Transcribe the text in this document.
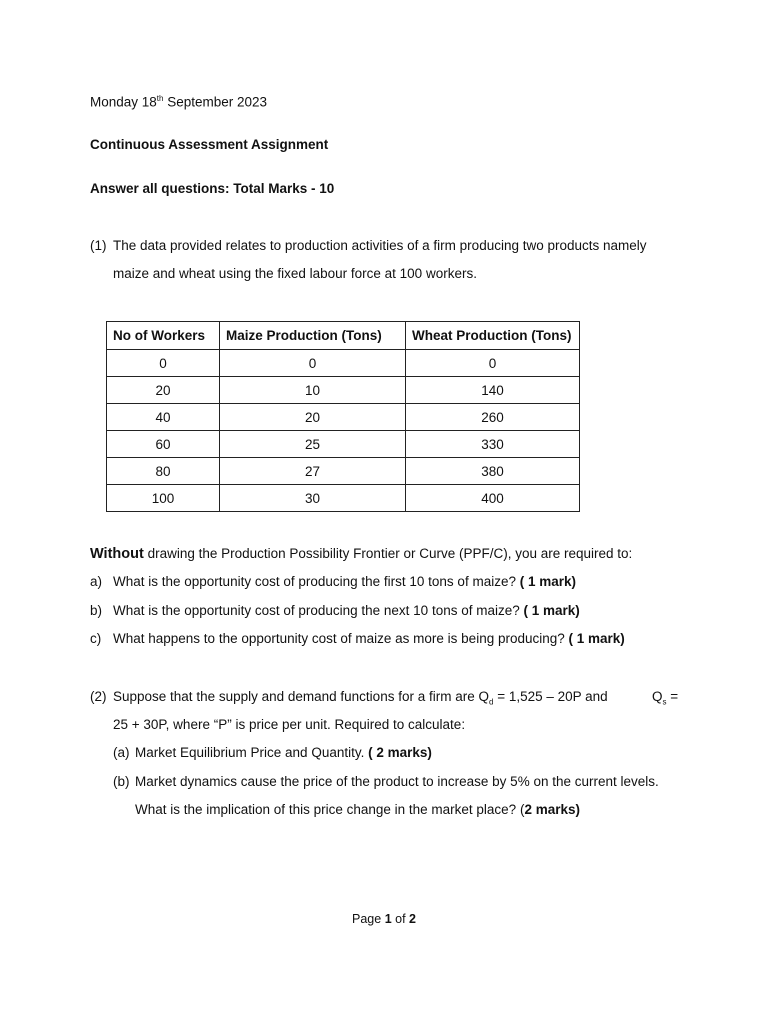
Monday 18th September 2023
Continuous Assessment Assignment
Answer all questions: Total Marks - 10
(1) The data provided relates to production activities of a firm producing two products namely
maize and wheat using the fixed labour force at 100 workers.
No of Workers	Maize Production (Tons)	Wheat Production (Tons)
0	0	0
20	10	140
40	20	260
60	25	330
80	27	380
100	30	400
Without drawing the Production Possibility Frontier or Curve (PPF/C), you are required to:
a) What is the opportunity cost of producing the first 10 tons of maize? ( 1 mark)
b) What is the opportunity cost of producing the next 10 tons of maize? ( 1 mark)
c) What happens to the opportunity cost of maize as more is being producing? ( 1 mark)
(2) Suppose that the supply and demand functions for a firm are $Q_d = 1,525 - 20P$ and	$Q_s$ =
25 + 30P, where “P” is price per unit. Required to calculate:
(a) Market Equilibrium Price and Quantity. ( 2 marks)
(b) Market dynamics cause the price of the product to increase by 5% on the current levels.
What is the implication of this price change in the market place? (2 marks)
Page 1 of 2
